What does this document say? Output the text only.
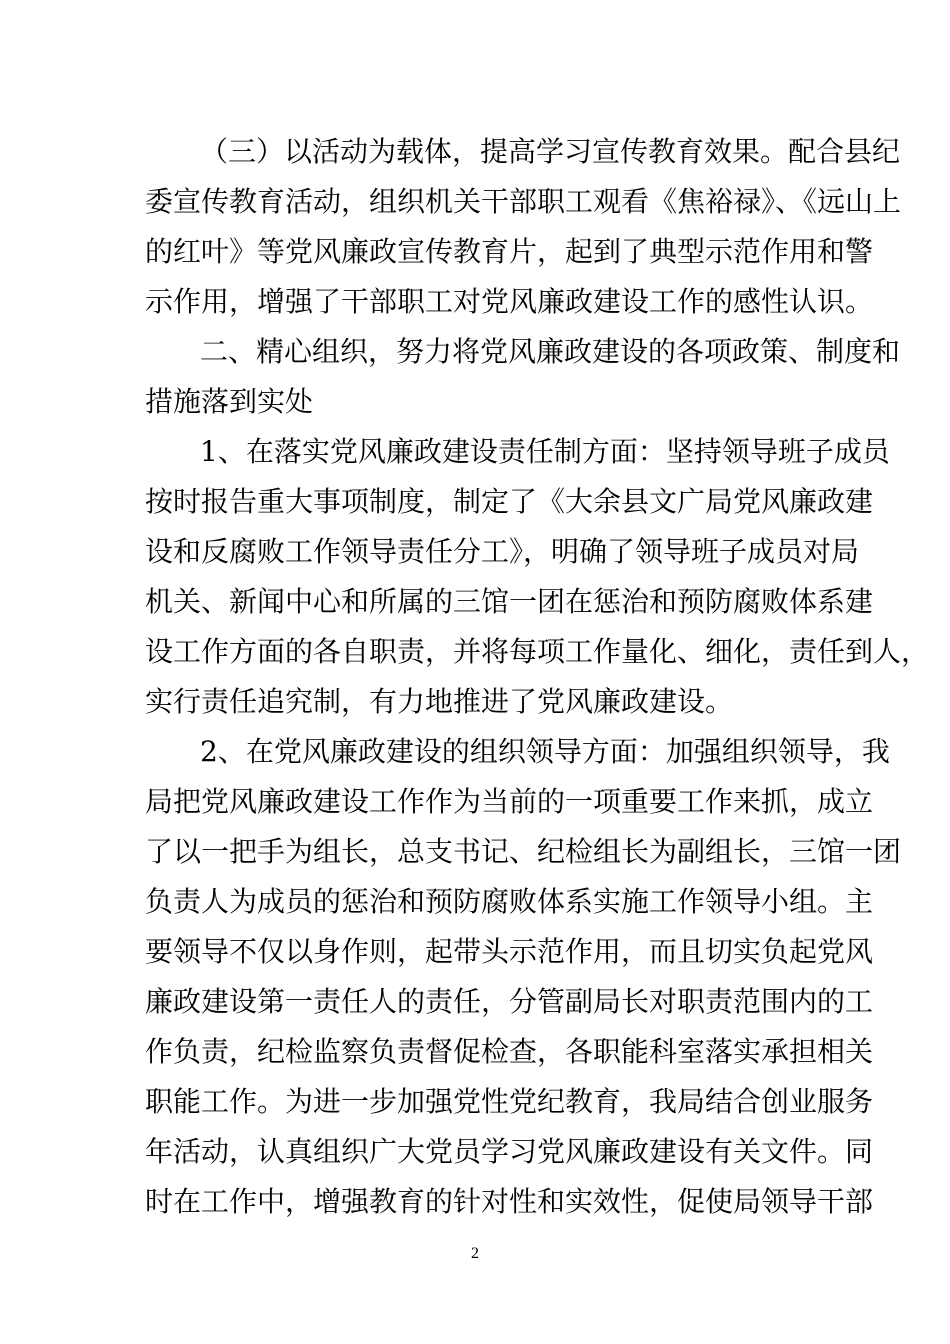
（三）以活动为载体，提高学习宣传教育效果。配合县纪
委宣传教育活动，组织机关干部职工观看《焦裕禄》、《远山上
的红叶》等党风廉政宣传教育片，起到了典型示范作用和警
示作用，增强了干部职工对党风廉政建设工作的感性认识。
二、精心组织，努力将党风廉政建设的各项政策、制度和
措施落到实处
1、在落实党风廉政建设责任制方面：坚持领导班子成员
按时报告重大事项制度，制定了《大余县文广局党风廉政建
设和反腐败工作领导责任分工》，明确了领导班子成员对局
机关、新闻中心和所属的三馆一团在惩治和预防腐败体系建
设工作方面的各自职责，并将每项工作量化、细化，责任到人，
实行责任追究制，有力地推进了党风廉政建设。
2、在党风廉政建设的组织领导方面：加强组织领导，我
局把党风廉政建设工作作为当前的一项重要工作来抓，成立
了以一把手为组长，总支书记、纪检组长为副组长，三馆一团
负责人为成员的惩治和预防腐败体系实施工作领导小组。主
要领导不仅以身作则，起带头示范作用，而且切实负起党风
廉政建设第一责任人的责任，分管副局长对职责范围内的工
作负责，纪检监察负责督促检查，各职能科室落实承担相关
职能工作。为进一步加强党性党纪教育，我局结合创业服务
年活动，认真组织广大党员学习党风廉政建设有关文件。同
时在工作中，增强教育的针对性和实效性，促使局领导干部
2
